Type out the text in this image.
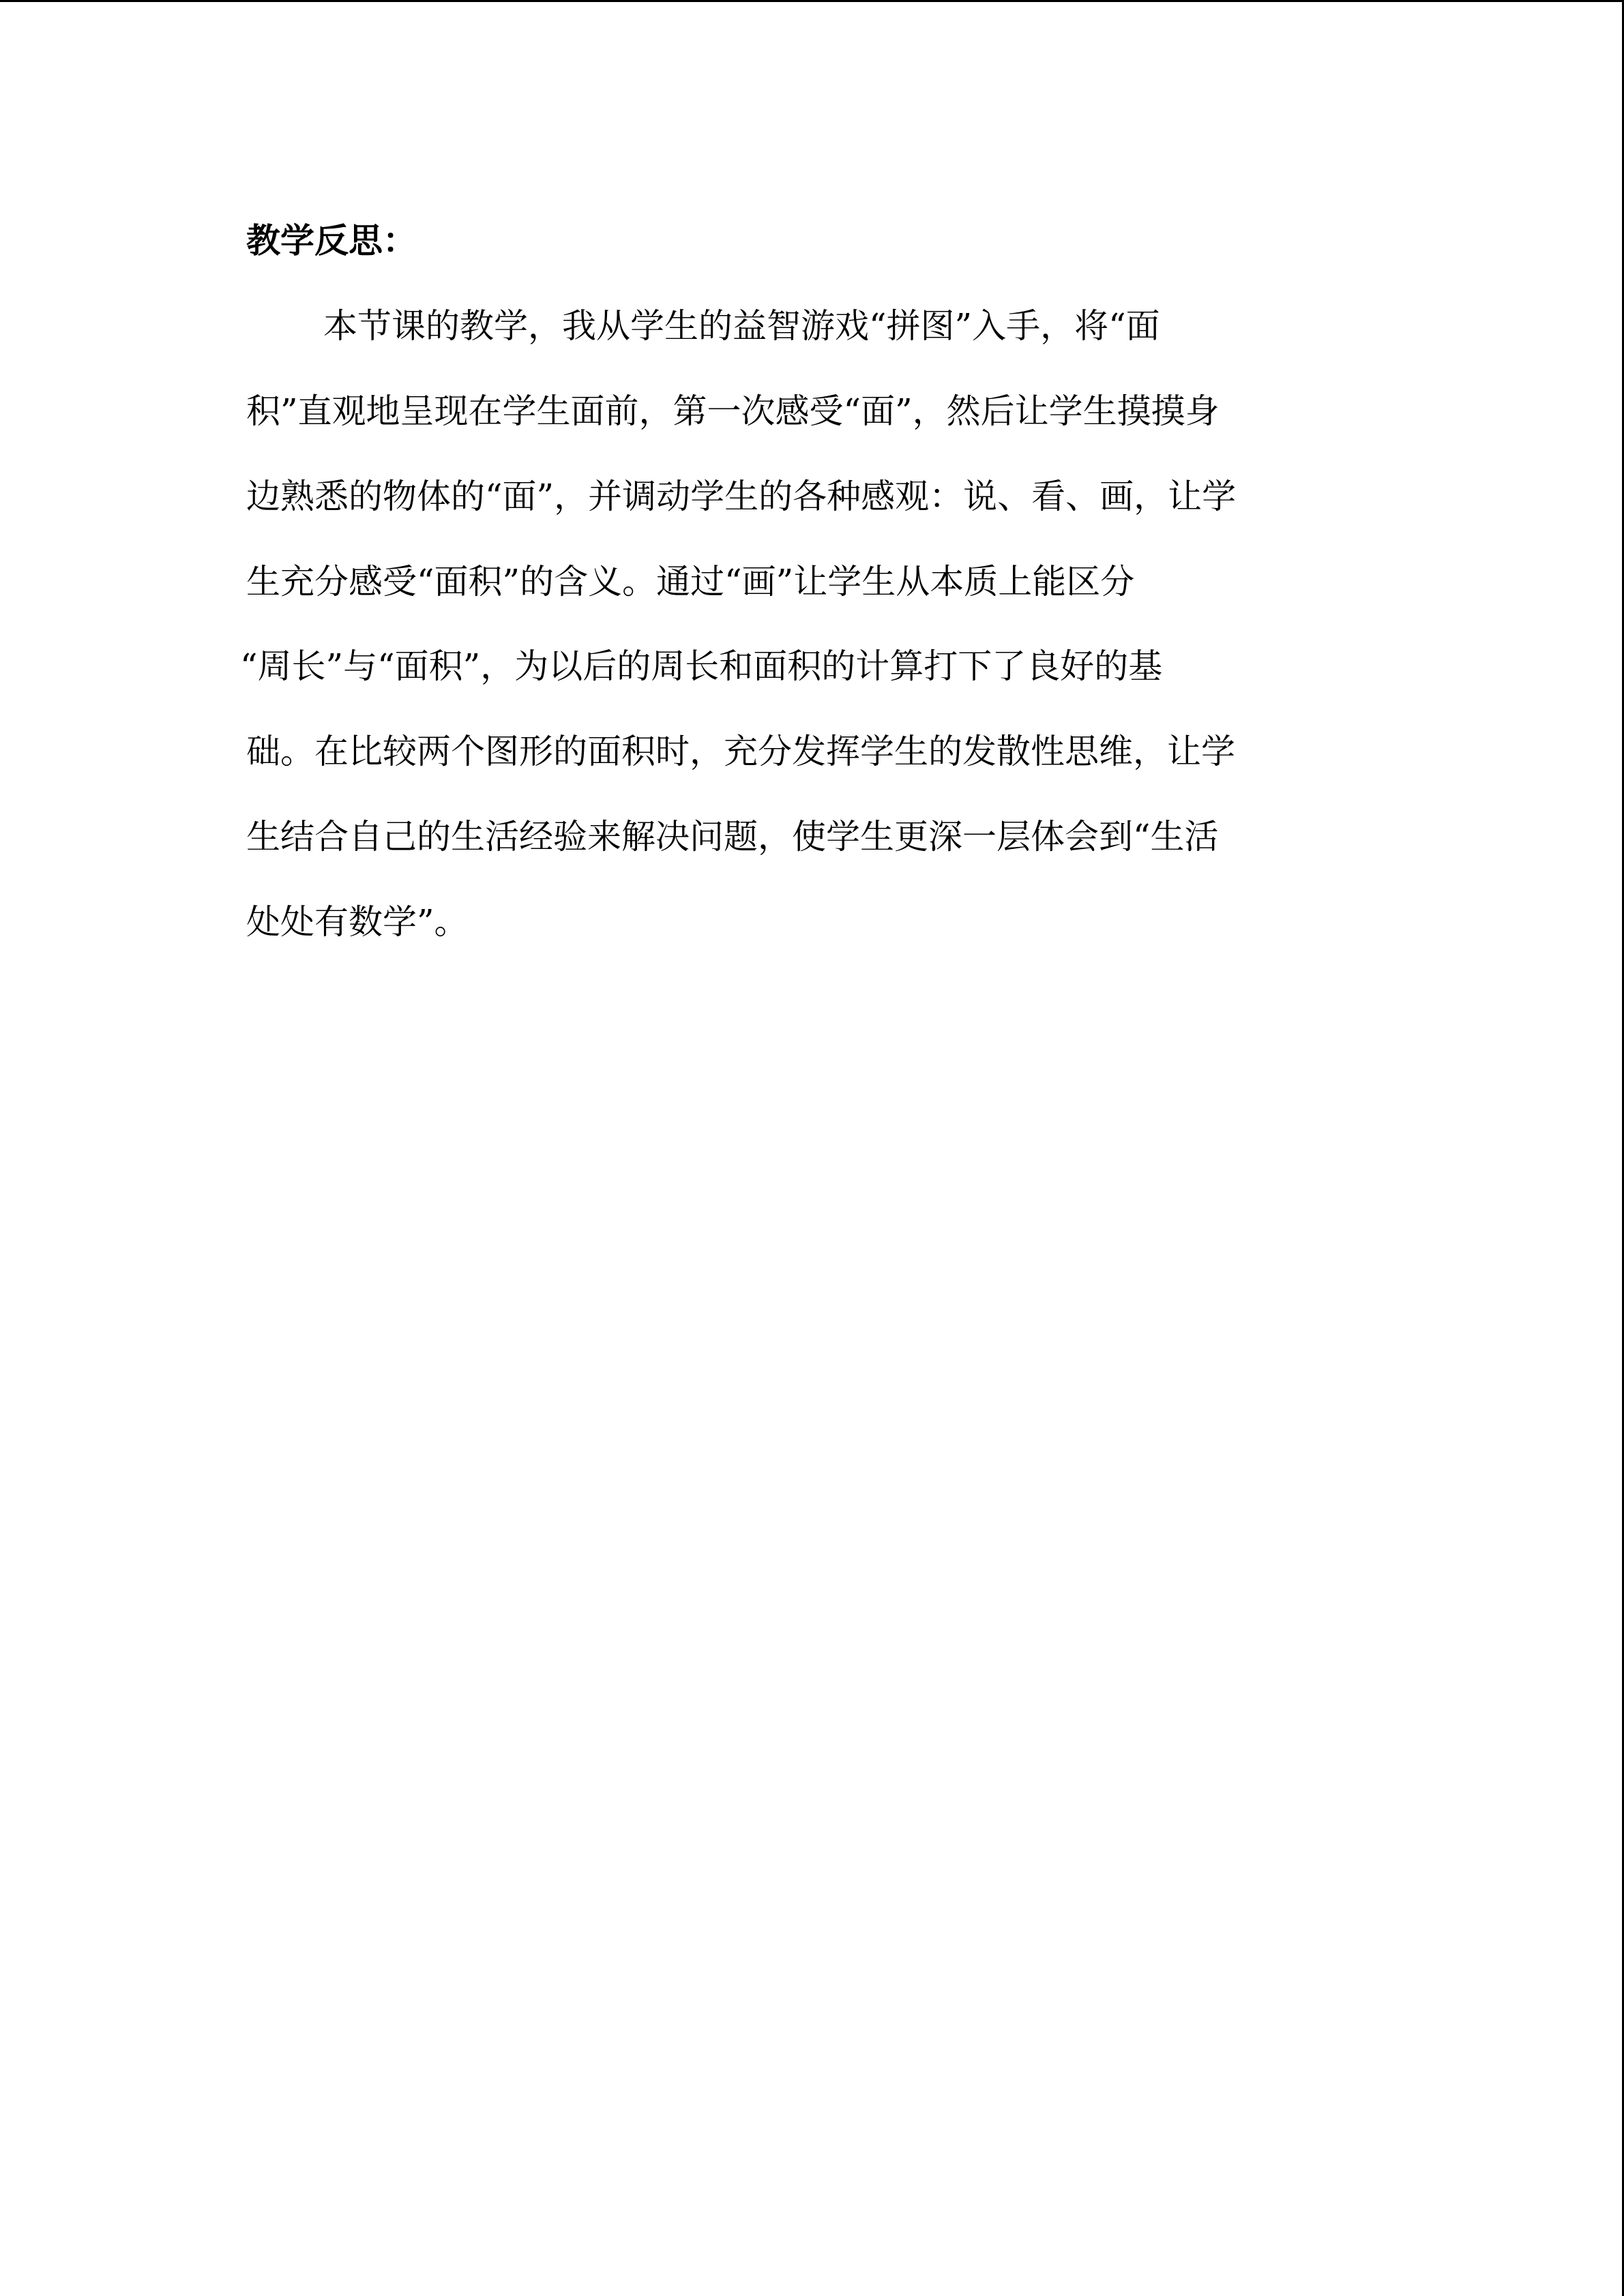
教学反思：

本节课的教学，我从学生的益智游戏“拼图”入手，将“面

积”直观地呈现在学生面前，第一次感受“面”，然后让学生摸摸身

边熟悉的物体的“面”，并调动学生的各种感观：说、看、画，让学

生充分感受“面积”的含义。通过“画”让学生从本质上能区分

“周长”与“面积”，为以后的周长和面积的计算打下了良好的基

础。在比较两个图形的面积时，充分发挥学生的发散性思维，让学

生结合自己的生活经验来解决问题，使学生更深一层体会到“生活

处处有数学”。
